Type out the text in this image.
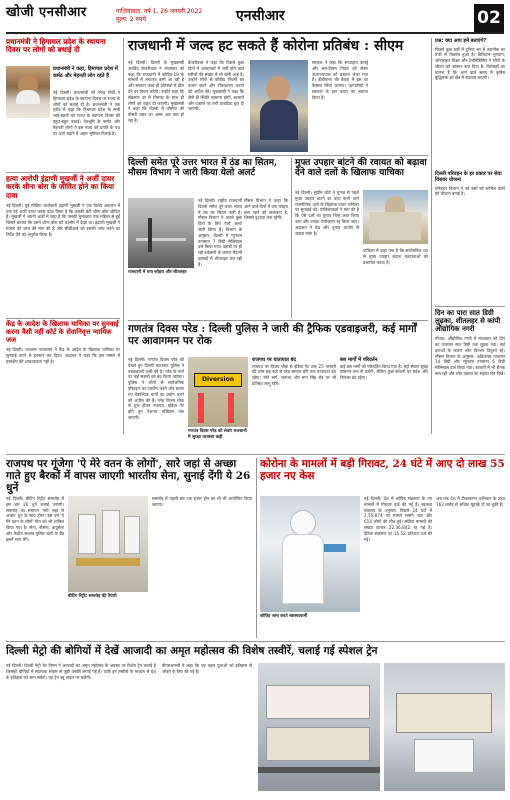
खोजी एनसीआर	गाज़ियाबाद, वर्ष 1, 26 जनवरी 2022
मूल्य: 2 रुपये	एनसीआर	02
प्रधानमंत्री ने हिमाचल प्रदेश के स्थापना दिवस पर लोगों को बधाई दी
प्रधानमंत्री ने कहा, हिमाचल प्रदेश में कर्मठ और मेहनती लोग रहते हैं
नई दिल्ली। प्रधानमंत्री श्री नरेन्द्र मोदी ने हिमाचल प्रदेश के स्थापना दिवस पर राज्य के लोगों को बधाई दी है। प्रधानमंत्री ने एक ट्वीट में कहा कि हिमाचल प्रदेश के सभी भाई-बहनों को राज्य के स्थापना दिवस की बहुत-बहुत बधाई। देवभूमि के कर्मठ और मेहनती लोगों ने इस राज्य को प्रगति के पथ पर आगे बढ़ाने में अहम भूमिका निभाई है।
हत्या आरोपी इंद्राणी मुखर्जी ने अर्जी दायर करके शीना बोरा के जीवित होने का किया दावा
नई दिल्ली। पूर्व मीडिया कार्यकारी इंद्राणी मुखर्जी ने एक विशेष अदालत में एक नई अर्जी दायर करके दावा किया है कि उसकी बेटी शीना बोरा जीवित है। मुखर्जी ने अपनी अर्जी में कहा है कि उसकी मुलाकात एक महिला से हुई जिसने बताया कि उसने शीना बोरा को कश्मीर में देखा था। इंद्राणी मुखर्जी ने मामले की जांच की मांग की है और सीबीआई को इसकी जांच करने का निर्देश देने का अनुरोध किया है।
केंद्र के आदेश के खिलाफ याचिका पर सुनवाई करना वैसी नहीं कोर्ट के सेवानिवृत्त न्यायिक जज
नई दिल्ली। उच्चतम न्यायालय ने केंद्र के आदेश के खिलाफ याचिका पर सुनवाई करने से इनकार कर दिया। अदालत ने कहा कि इस मामले में हस्तक्षेप की आवश्यकता नहीं है।
राजधानी में जल्द हट सकते हैं कोरोना प्रतिबंध : सीएम
नई दिल्ली। दिल्ली के मुख्यमंत्री अरविंद केजरीवाल ने मंगलवार को कहा कि राजधानी में कोविड-19 के मामलों में लगातार कमी आ रही है और सरकार जल्द ही प्रतिबंधों में ढील देने पर विचार करेगी। उन्होंने कहा कि संक्रमण दर में गिरावट के साथ ही लोगों को राहत दी जाएगी। मुख्यमंत्री ने कहा कि दिल्ली में कोरोना की तीसरी लहर का असर अब कम हो रहा है।
केजरीवाल ने कहा कि पिछले कुछ दिनों में अस्पतालों में भर्ती होने वाले मरीजों की संख्या में भी कमी आई है। उन्होंने लोगों से कोविड नियमों का पालन करने और टीकाकरण कराने की अपील की। मुख्यमंत्री ने कहा कि जैसे ही स्थिति सामान्य होगी, बाजारों और दफ्तरों पर लगी पाबंदियां हटा दी जाएंगी।
सरकार ने कहा कि सप्ताहांत कर्फ्यू और सम-विषम नियम को लेकर उपराज्यपाल को प्रस्ताव भेजा गया है। डीडीएमए की बैठक में इस पर फैसला लिया जाएगा। व्यापारियों ने सरकार के इस कदम का स्वागत किया है।
प्रश्न: क्या आप हमें बताएंगे?
पिछले कुछ वर्षों में दुनिया भर में तकनीक का तेजी से विकास हुआ है। डिजिटल भुगतान, ऑनलाइन शिक्षा और टेलीमेडिसिन ने लोगों के जीवन को आसान बना दिया है। विशेषज्ञों का मानना है कि आने वाले समय में कृत्रिम बुद्धिमत्ता हर क्षेत्र में बदलाव लाएगी।
दिल्ली परिवहन के हर प्रकार पर सेवा विस्तार योजना
परिवहन विभाग ने नई बसों को शामिल करने की योजना बनाई है।
दिल्ली समेत पूरे उत्तर भारत में ठंड का सितम, मौसम विभाग ने जारी किया येलो अलर्ट
राजधानी में घना कोहरा और शीतलहर
नई दिल्ली। राष्ट्रीय राजधानी दिल्ली समेत पूरे उत्तर भारत में ठंड का सितम जारी है। मौसम विभाग ने अगले कुछ दिनों के लिए येलो अलर्ट जारी किया है। विभाग के अनुसार, दिल्ली में न्यूनतम तापमान 7 डिग्री सेल्सियस दर्ज किया गया। पहाड़ों पर हो रही बर्फबारी के कारण मैदानी इलाकों में शीतलहर चल रही है।
मौसम विभाग ने कहा कि आने वाले दिनों में घना कोहरा छाए रहने की संभावना है, जिससे दृश्यता कम रहेगी।
मुफ्त उपहार बांटने की रवायत को बढ़ावा देने वाले दलों के खिलाफ याचिका
नई दिल्ली। सुप्रीम कोर्ट ने चुनाव से पहले मुफ्त उपहार बांटने का वादा करने वाले राजनीतिक दलों के खिलाफ दायर याचिका पर सुनवाई की। याचिकाकर्ता ने मांग की है कि ऐसे दलों का चुनाव चिन्ह जब्त किया जाए और उनका पंजीकरण रद्द किया जाए। अदालत ने केंद्र और चुनाव आयोग से जवाब मांगा है।
याचिका में कहा गया है कि सार्वजनिक धन से मुफ्त उपहार बांटना मतदाताओं को प्रभावित करता है।
गणतंत्र दिवस परेड : दिल्ली पुलिस ने जारी की ट्रैफिक एडवाइजरी, कई मार्गों पर आवागमन पर रोक
नई दिल्ली। गणतंत्र दिवस परेड को देखते हुए दिल्ली यातायात पुलिस ने एडवाइजरी जारी की है। परेड के मार्ग पर कई सड़कों को बंद किया जाएगा। पुलिस ने लोगों से सार्वजनिक परिवहन का उपयोग करने और बताए गए वैकल्पिक मार्गों का प्रयोग करने की अपील की है। परेड विजय चौक से शुरू होकर राजपथ, इंडिया गेट होते हुए नेशनल स्टेडियम तक जाएगी।
Diversion
गणतंत्र दिवस परेड को लेकर राजधानी में सुरक्षा व्यवस्था कड़ी
राजपथ पर यातायात बंद
राजपथ पर विजय चौक से इंडिया गेट तक 25 जनवरी की शाम छह बजे से परेड समाप्त होने तक यातायात बंद रहेगा। रफी मार्ग, जनपथ और मान सिंह रोड पर भी प्रतिबंध लागू रहेंगे।
बस मार्गों में परिवर्तन
कई बस मार्गों को परिवर्तित किया गया है। मेट्रो सेवाएं सुबह सामान्य रूप से चलेंगी, लेकिन कुछ स्टेशनों पर प्रवेश और निकास बंद रहेगा।
दिन का पारा सात डिग्री लुढ़का, शीतलहर से कांपी औद्योगिक नगरी
नोएडा। औद्योगिक नगरी में मंगलवार को दिन का तापमान सात डिग्री तक लुढ़क गया। सर्द हवाओं के कारण लोग दिनभर ठिठुरते रहे। मौसम विभाग के अनुसार, अधिकतम तापमान 14 डिग्री और न्यूनतम तापमान 6 डिग्री सेल्सियस दर्ज किया गया। बाजारों में भी रौनक कम रही और लोग अलाव का सहारा लेते दिखे।
राजपथ पर गूंजेगा 'ऐ मेरे वतन के लोगों', सारे जहां से अच्छा गाते हुए बैरकों में वापस जाएगी भारतीय सेना, सुनाई देंगी ये 26 धुनें
नई दिल्ली। बीटिंग रिट्रीट समारोह में इस बार 26 धुनें बजाई जाएंगी। समारोह का समापन 'सारे जहां से अच्छा' धुन के साथ होगा। इस वर्ष 'ऐ मेरे वतन के लोगों' गीत को भी शामिल किया गया है। सेना, नौसेना, वायुसेना और केंद्रीय सशस्त्र पुलिस बलों के बैंड इसमें भाग लेंगे।
बीटिंग रिट्रीट समारोह की तैयारी
समारोह में पहली बार एक हजार ड्रोन का शो भी आयोजित किया जाएगा।
कोरोना के मामलों में बड़ी गिरावट, 24 घंटे में आए दो लाख 55 हजार नए केस
कोविड जांच करते स्वास्थ्यकर्मी
नई दिल्ली। देश में कोविड संक्रमण के नए मामलों में गिरावट दर्ज की गई है। स्वास्थ्य मंत्रालय के अनुसार, पिछले 24 घंटों में 2,55,874 नए मामले सामने आए और 614 लोगों की मौत हुई। सक्रिय मामलों की संख्या घटकर 22,36,842 रह गई है। दैनिक संक्रमण दर 15.52 प्रतिशत दर्ज की गई।
अब तक देश में टीकाकरण अभियान के तहत 162 करोड़ से अधिक खुराकें दी जा चुकी हैं।
दिल्ली मेट्रो की बोगियों में देखें आजादी का अमृत महोत्सव की विशेष तस्वीरें, चलाई गई स्पेशल ट्रेन
नई दिल्ली। दिल्ली मेट्रो रेल निगम ने आजादी का अमृत महोत्सव के अवसर पर विशेष ट्रेन चलाई है जिसकी बोगियों में स्वतंत्रता संग्राम से जुड़ी तस्वीरें लगाई गई हैं। यात्री इन तस्वीरों के माध्यम से देश के इतिहास को जान सकेंगे। यह ट्रेन ब्लू लाइन पर चलेगी।
डीएमआरसी ने कहा कि यह पहल युवाओं को इतिहास से जोड़ने के लिए की गई है।
